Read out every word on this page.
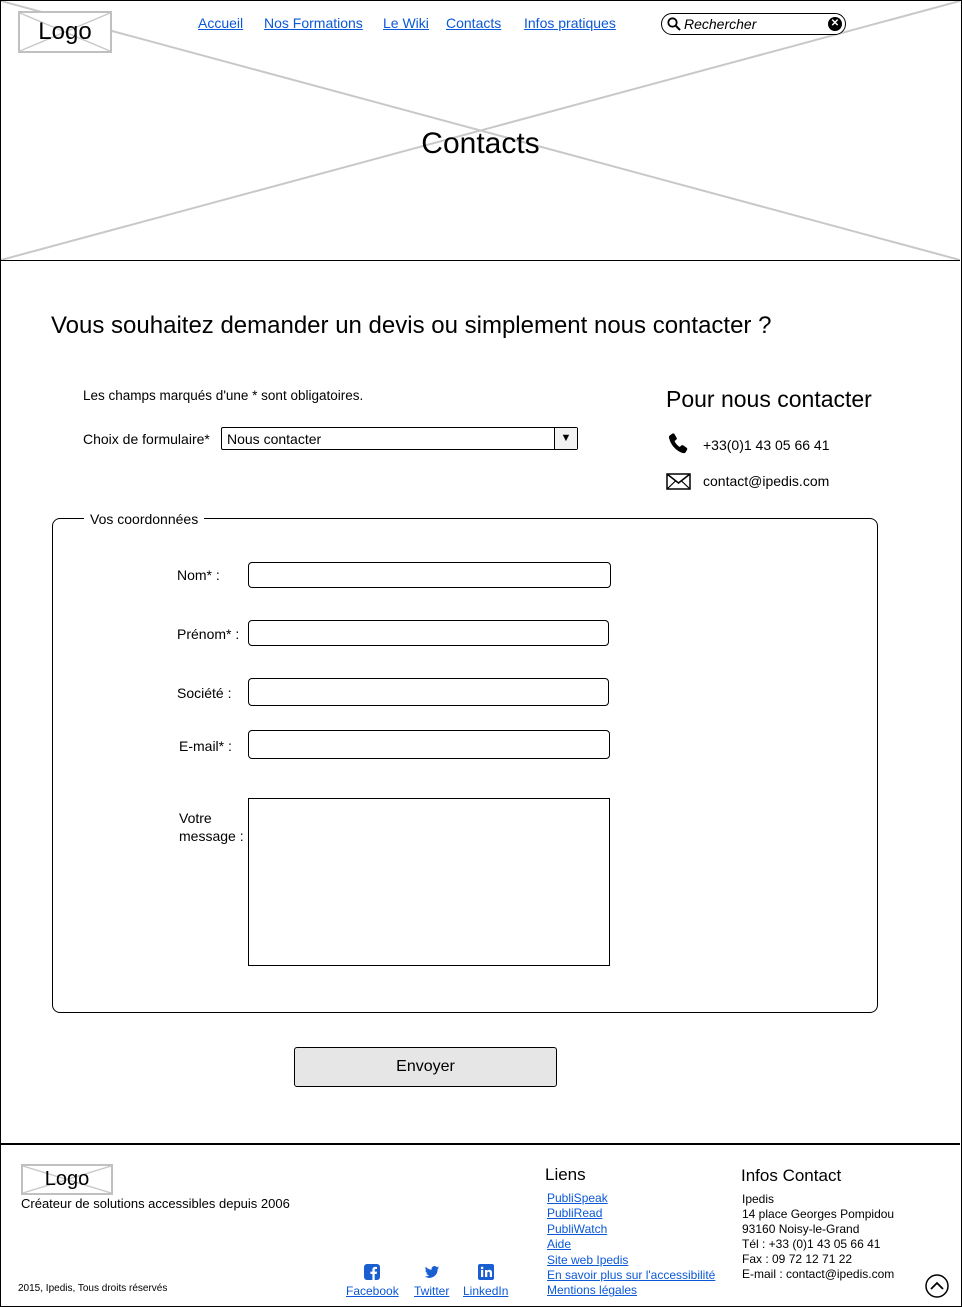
Logo	Accueil Nos Formations Le Wiki Contacts Infos pratiques
Rechercher	✕
Contacts
Vous souhaitez demander un devis ou simplement nous contacter ?
Les champs marqués d'une * sont obligatoires.
Choix de formulaire* Nous contacter	▼
Pour nous contacter
+33(0)1 43 05 66 41
contact@ipedis.com
Vos coordonnées
Nom* :
Prénom* :
Société :
E-mail* :
Votre message :
Envoyer
Logo
Créateur de solutions accessibles depuis 2006
2015, Ipedis, Tous droits réservés	Facebook Twitter LinkedIn
Liens
PubliSpeak
PubliRead
PubliWatch
Aide
Site web Ipedis
En savoir plus sur l'accessibilité
Mentions légales
Infos Contact
Ipedis
14 place Georges Pompidou
93160 Noisy-le-Grand
Tél : +33 (0)1 43 05 66 41
Fax : 09 72 12 71 22
E-mail : contact@ipedis.com
